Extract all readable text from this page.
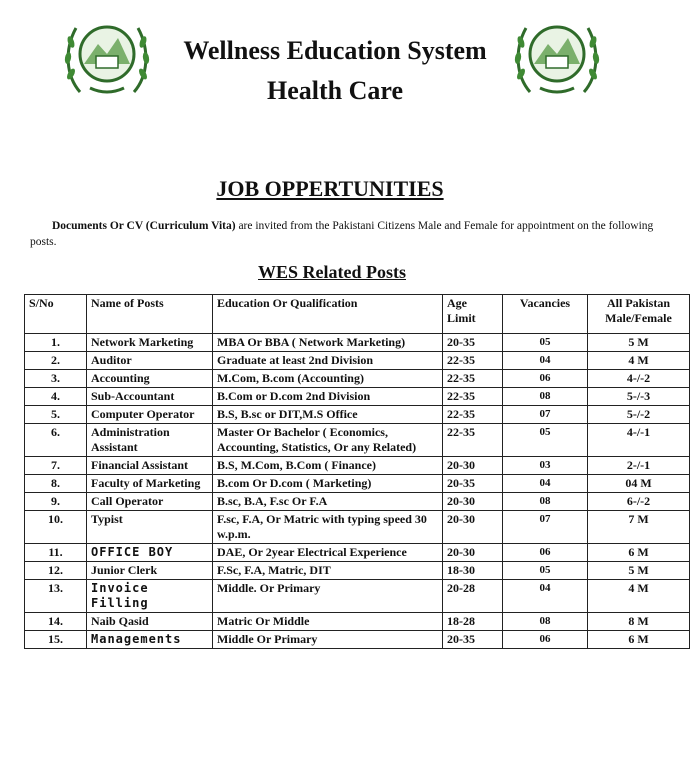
Wellness Education System
Health Care
JOB OPPERTUNITIES
Documents Or CV (Curriculum Vita) are invited from the Pakistani Citizens Male and Female for appointment on the following posts.
WES Related Posts
S/No	Name of Posts	Education Or Qualification	Age Limit	Vacancies	All Pakistan Male/Female
1.	Network Marketing	MBA Or BBA ( Network Marketing)	20-35	05	5 M
2.	Auditor	Graduate at least 2nd Division	22-35	04	4 M
3.	Accounting	M.Com, B.com (Accounting)	22-35	06	4-/-2
4.	Sub-Accountant	B.Com or D.com 2nd Division	22-35	08	5-/-3
5.	Computer Operator	B.S, B.sc or DIT,M.S Office	22-35	07	5-/-2
6.	Administration Assistant	Master Or Bachelor ( Economics, Accounting, Statistics, Or any Related)	22-35	05	4-/-1
7.	Financial Assistant	B.S, M.Com, B.Com ( Finance)	20-30	03	2-/-1
8.	Faculty of Marketing	B.com Or D.com ( Marketing)	20-35	04	04 M
9.	Call Operator	B.sc, B.A, F.sc Or F.A	20-30	08	6-/-2
10.	Typist	F.sc, F.A, Or Matric with typing speed 30 w.p.m.	20-30	07	7 M
11.	OFFICE BOY	DAE, Or 2year Electrical Experience	20-30	06	6 M
12.	Junior Clerk	F.Sc, F.A, Matric, DIT	18-30	05	5 M
13.	Invoice Filling	Middle. Or Primary	20-28	04	4 M
14.	Naib Qasid	Matric Or Middle	18-28	08	8 M
15.	Managements	Middle Or Primary	20-35	06	6 M
